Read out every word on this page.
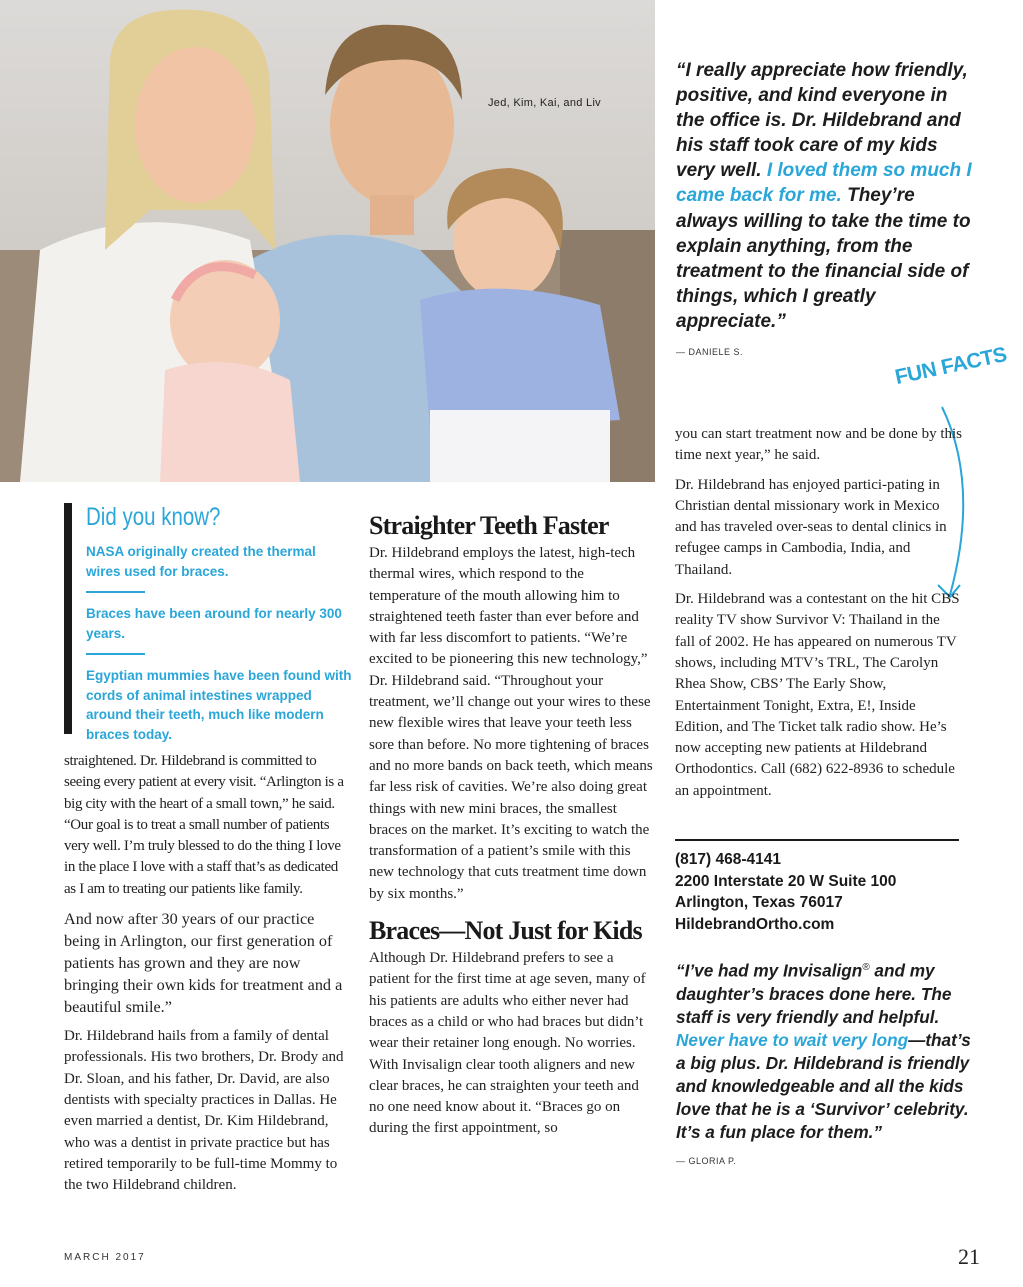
Jed, Kim, Kai, and Liv
“I really appreciate how friendly, positive, and kind everyone in the office is. Dr. Hildebrand and his staff took care of my kids very well. I loved them so much I came back for me. They’re always willing to take the time to explain anything, from the treatment to the financial side of things, which I greatly appreciate.”
— DANIELE S.	FUN FACTS
Did you know?
NASA originally created the thermal wires used for braces.
Braces have been around for nearly 300 years.
Egyptian mummies have been found with cords of animal intestines wrapped around their teeth, much like modern braces today.

straightened. Dr. Hildebrand is committed to seeing every patient at every visit. “Arlington is a big city with the heart of a small town,” he said. “Our goal is to treat a small number of patients very well. I’m truly blessed to do the thing I love in the place I love with a staff that’s as dedicated as I am to treating our patients like family.

And now after 30 years of our practice being in Arlington, our first generation of patients has grown and they are now bringing their own kids for treatment and a beautiful smile.”

Dr. Hildebrand hails from a family of dental professionals. His two brothers, Dr. Brody and Dr. Sloan, and his father, Dr. David, are also dentists with specialty practices in Dallas. He even married a dentist, Dr. Kim Hildebrand, who was a dentist in private practice but has retired temporarily to be full-time Mommy to the two Hildebrand children.

Straighter Teeth Faster

Dr. Hildebrand employs the latest, high-tech thermal wires, which respond to the temperature of the mouth allowing him to straightened teeth faster than ever before and with far less discomfort to patients. “We’re excited to be pioneering this new technology,” Dr. Hildebrand said. “Throughout your treatment, we’ll change out your wires to these new flexible wires that leave your teeth less sore than before. No more tightening of braces and no more bands on back teeth, which means far less risk of cavities. We’re also doing great things with new mini braces, the smallest braces on the market. It’s exciting to watch the transformation of a patient’s smile with this new technology that cuts treatment time down by six months.”

Braces—Not Just for Kids

Although Dr. Hildebrand prefers to see a patient for the first time at age seven, many of his patients are adults who either never had braces as a child or who had braces but didn’t wear their retainer long enough. No worries. With Invisalign clear tooth aligners and new clear braces, he can straighten your teeth and no one need know about it. “Braces go on during the first appointment, so

you can start treatment now and be done by this time next year,” he said.

Dr. Hildebrand has enjoyed partici-pating in Christian dental missionary work in Mexico and has traveled over-seas to dental clinics in refugee camps in Cambodia, India, and Thailand.

Dr. Hildebrand was a contestant on the hit CBS reality TV show Survivor V: Thailand in the fall of 2002. He has appeared on numerous TV shows, including MTV’s TRL, The Carolyn Rhea Show, CBS’ The Early Show, Entertainment Tonight, Extra, E!, Inside Edition, and The Ticket talk radio show. He’s now accepting new patients at Hildebrand Orthodontics. Call (682) 622-8936 to schedule an appointment.

(817) 468-4141
2200 Interstate 20 W Suite 100
Arlington, Texas 76017
HildebrandOrtho.com
“I’ve had my Invisalign® and my daughter’s braces done here. The staff is very friendly and helpful. Never have to wait very long—that’s a big plus. Dr. Hildebrand is friendly and knowledgeable and all the kids love that he is a ‘Survivor’ celebrity. It’s a fun place for them.”
— GLORIA P.
MARCH 2017	21
